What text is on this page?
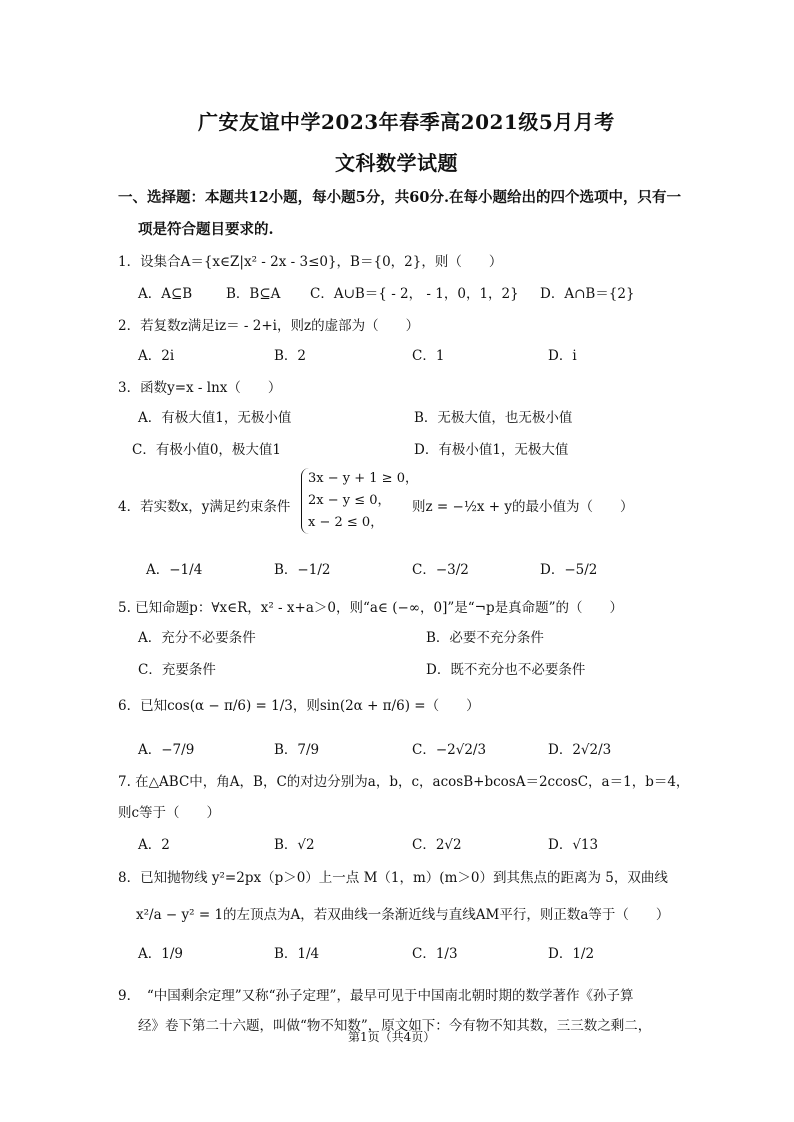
广安友谊中学2023年春季高2021级5月月考
文科数学试题
一、选择题：本题共12小题，每小题5分，共60分.在每小题给出的四个选项中，只有一
项是符合题目要求的.
1．设集合A＝{x∈Z|x² - 2x - 3≤0}，B＝{0，2}，则（　　）
A．A⊆B	B．B⊆A C．A∪B＝{ - 2， - 1，0，1，2} D．A∩B＝{2}
2．若复数z满足iz＝ - 2+i，则z的虚部为（　　）
A．2i	B．2	C．1	D．i
3．函数y=x - lnx（　　）
A．有极大值1，无极小值	B．无极大值，也无极小值
C．有极小值0，极大值1	D．有极小值1，无极大值
4．若实数x，y满足约束条件
3x − y + 1 ≥ 0，
2x − y ≤ 0，
x − 2 ≤ 0，
则z = −½x + y的最小值为（　　）
A．−1/4	B．−1/2	C．−3/2	D．−5/2
5. 已知命题p：∀x∈R，x² - x+a＞0，则“a∈ (−∞，0]”是“¬p是真命题”的（　　）
A．充分不必要条件	B．必要不充分条件
C．充要条件	D．既不充分也不必要条件
6．已知cos(α − π/6) = 1/3，则sin(2α + π/6) =（　　）
A．−7/9	B．7/9	C．−2√2/3	D．2√2/3
7. 在△ABC中，角A，B，C的对边分别为a，b，c，acosB+bcosA＝2ccosC，a＝1，b＝4，
则c等于（　　）
A．2	B．√2	C．2√2	D．√13
8．已知抛物线 y²=2px（p＞0）上一点 M（1，m）(m＞0）到其焦点的距离为 5，双曲线
x²/a − y² = 1的左顶点为A，若双曲线一条渐近线与直线AM平行，则正数a等于（　　）
A．1/9	B．1/4	C．1/3	D．1/2
9．　“中国剩余定理”又称“孙子定理”，最早可见于中国南北朝时期的数学著作《孙子算
经》卷下第二十六题，叫做“物不知数”，原文如下：今有物不知其数，三三数之剩二，
第1页（共4页）
